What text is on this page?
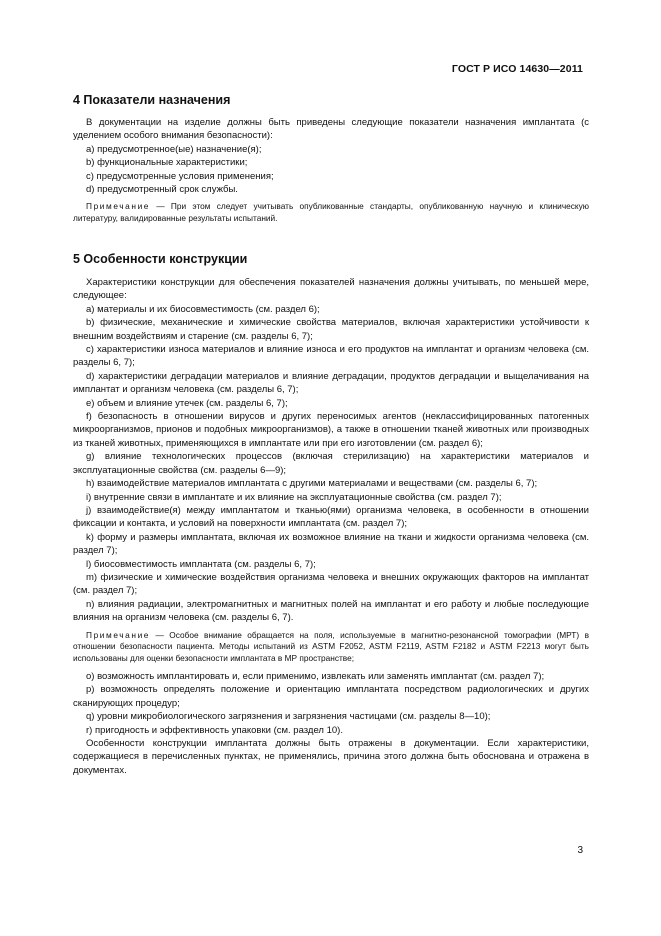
ГОСТ Р ИСО 14630—2011
4 Показатели назначения

В документации на изделие должны быть приведены следующие показатели назначения имплантата (с уделением особого внимания безопасности):

a) предусмотренное(ые) назначение(я);

b) функциональные характеристики;

c) предусмотренные условия применения;

d) предусмотренный срок службы.

Примечание — При этом следует учитывать опубликованные стандарты, опубликованную научную и клиническую литературу, валидированные результаты испытаний.

5 Особенности конструкции

Характеристики конструкции для обеспечения показателей назначения должны учитывать, по меньшей мере, следующее:

a) материалы и их биосовместимость (см. раздел 6);

b) физические, механические и химические свойства материалов, включая характеристики устойчивости к внешним воздействиям и старение (см. разделы 6, 7);

c) характеристики износа материалов и влияние износа и его продуктов на имплантат и организм человека (см. разделы 6, 7);

d) характеристики деградации материалов и влияние деградации, продуктов деградации и выщелачивания на имплантат и организм человека (см. разделы 6, 7);

e) объем и влияние утечек (см. разделы 6, 7);

f) безопасность в отношении вирусов и других переносимых агентов (неклассифицированных патогенных микроорганизмов, прионов и подобных микроорганизмов), а также в отношении тканей животных или производных из тканей животных, применяющихся в имплантате или при его изготовлении (см. раздел 6);

g) влияние технологических процессов (включая стерилизацию) на характеристики материалов и эксплуатационные свойства (см. разделы 6—9);

h) взаимодействие материалов имплантата с другими материалами и веществами (см. разделы 6, 7);

i) внутренние связи в имплантате и их влияние на эксплуатационные свойства (см. раздел 7);

j) взаимодействие(я) между имплантатом и тканью(ями) организма человека, в особенности в отношении фиксации и контакта, и условий на поверхности имплантата (см. раздел 7);

k) форму и размеры имплантата, включая их возможное влияние на ткани и жидкости организма человека (см. раздел 7);

l) биосовместимость имплантата (см. разделы 6, 7);

m) физические и химические воздействия организма человека и внешних окружающих факторов на имплантат (см. раздел 7);

n) влияния радиации, электромагнитных и магнитных полей на имплантат и его работу и любые последующие влияния на организм человека (см. разделы 6, 7).

Примечание — Особое внимание обращается на поля, используемые в магнитно-резонансной томографии (МРТ) в отношении безопасности пациента. Методы испытаний из ASTM F2052, ASTM F2119, ASTM F2182 и ASTM F2213 могут быть использованы для оценки безопасности имплантата в МР пространстве;

o) возможность имплантировать и, если применимо, извлекать или заменять имплантат (см. раздел 7);

p) возможность определять положение и ориентацию имплантата посредством радиологических и других сканирующих процедур;

q) уровни микробиологического загрязнения и загрязнения частицами (см. разделы 8—10);

r) пригодность и эффективность упаковки (см. раздел 10).

Особенности конструкции имплантата должны быть отражены в документации. Если характеристики, содержащиеся в перечисленных пунктах, не применялись, причина этого должна быть обоснована и отражена в документах.

3
